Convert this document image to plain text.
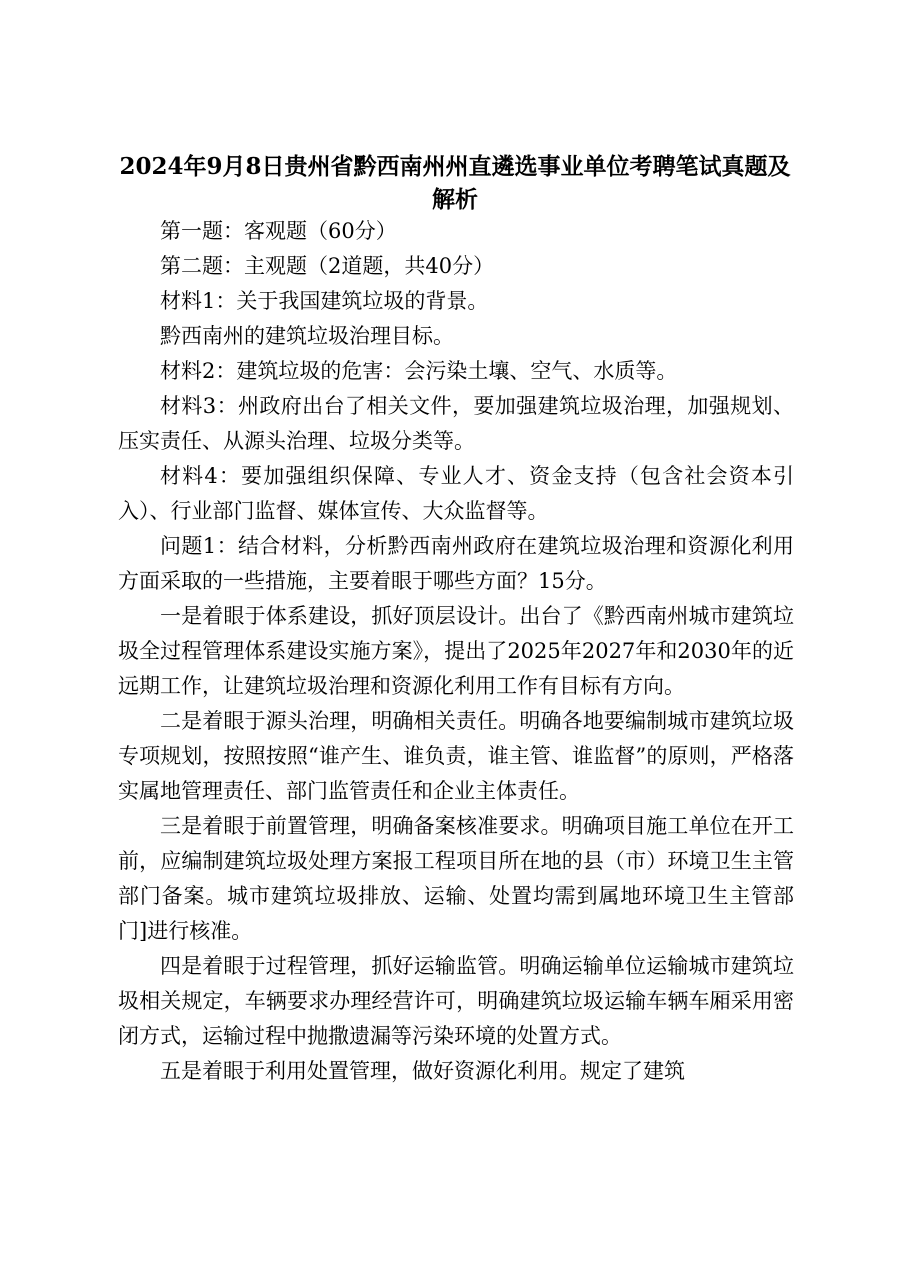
2024年9月8日贵州省黔西南州州直遴选事业单位考聘笔试真题及解析

第一题：客观题（60分）

第二题：主观题（2道题，共40分）

材料1：关于我国建筑垃圾的背景。

黔西南州的建筑垃圾治理目标。

材料2：建筑垃圾的危害：会污染土壤、空气、水质等。

材料3：州政府出台了相关文件，要加强建筑垃圾治理，加强规划、压实责任、从源头治理、垃圾分类等。

材料4：要加强组织保障、专业人才、资金支持（包含社会资本引入）、行业部门监督、媒体宣传、大众监督等。

问题1：结合材料，分析黔西南州政府在建筑垃圾治理和资源化利用方面采取的一些措施，主要着眼于哪些方面？15分。

一是着眼于体系建设，抓好顶层设计。出台了《黔西南州城市建筑垃圾全过程管理体系建设实施方案》，提出了2025年2027年和2030年的近远期工作，让建筑垃圾治理和资源化利用工作有目标有方向。

二是着眼于源头治理，明确相关责任。明确各地要编制城市建筑垃圾专项规划，按照按照“谁产生、谁负责，谁主管、谁监督”的原则，严格落实属地管理责任、部门监管责任和企业主体责任。

三是着眼于前置管理，明确备案核准要求。明确项目施工单位在开工前，应编制建筑垃圾处理方案报工程项目所在地的县（市）环境卫生主管部门备案。城市建筑垃圾排放、运输、处置均需到属地环境卫生主管部门]进行核准。

四是着眼于过程管理，抓好运输监管。明确运输单位运输城市建筑垃圾相关规定，车辆要求办理经营许可，明确建筑垃圾运输车辆车厢采用密闭方式，运输过程中抛撒遗漏等污染环境的处置方式。

五是着眼于利用处置管理，做好资源化利用。规定了建筑
